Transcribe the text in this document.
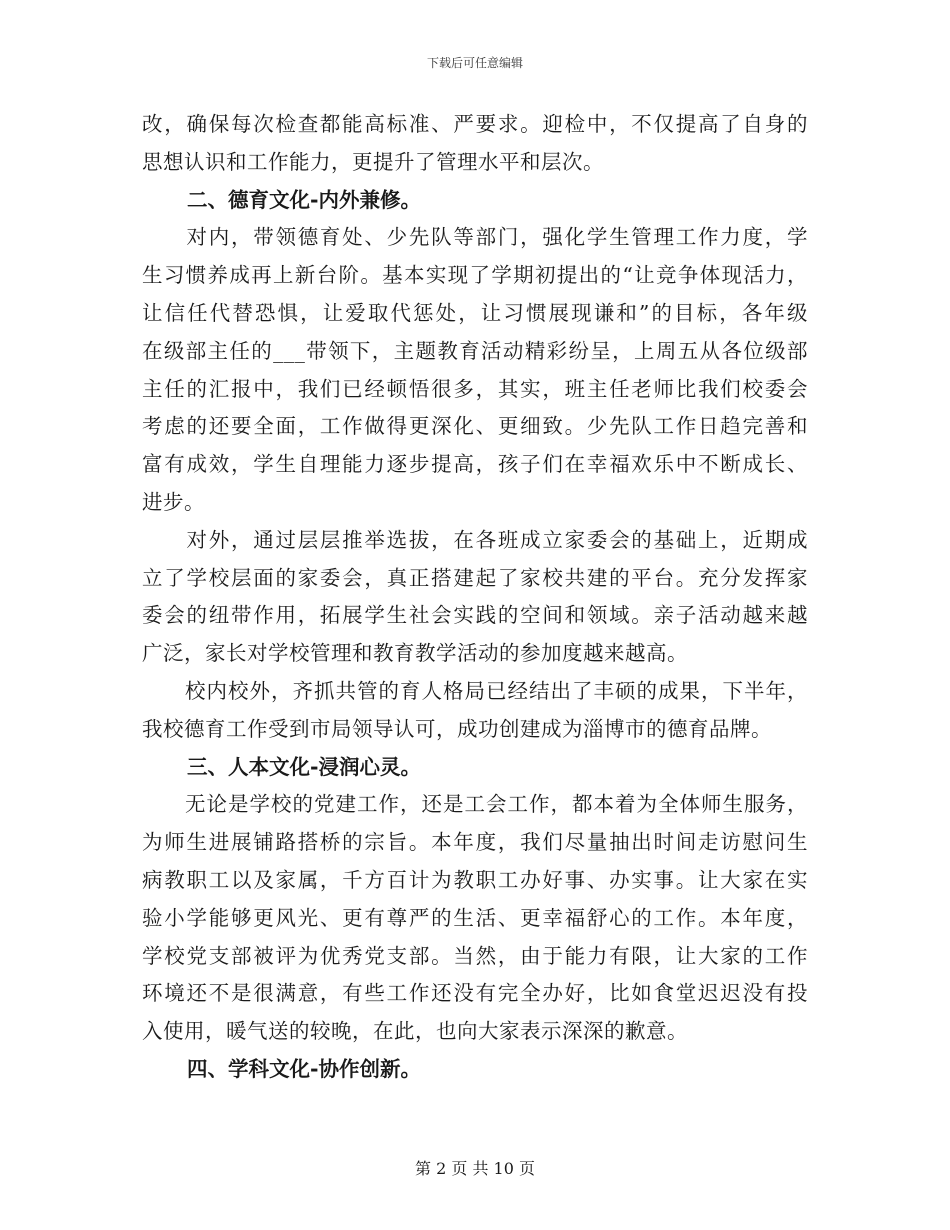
下载后可任意编辑
改，确保每次检查都能高标准、严要求。迎检中，不仅提高了自身的
思想认识和工作能力，更提升了管理水平和层次。
二、德育文化-内外兼修。
　　对内，带领德育处、少先队等部门，强化学生管理工作力度，学
生习惯养成再上新台阶。基本实现了学期初提出的“让竞争体现活力，
让信任代替恐惧，让爱取代惩处，让习惯展现谦和”的目标，各年级
在级部主任的___带领下，主题教育活动精彩纷呈，上周五从各位级部
主任的汇报中，我们已经顿悟很多，其实，班主任老师比我们校委会
考虑的还要全面，工作做得更深化、更细致。少先队工作日趋完善和
富有成效，学生自理能力逐步提高，孩子们在幸福欢乐中不断成长、
进步。
　　对外，通过层层推举选拔，在各班成立家委会的基础上，近期成
立了学校层面的家委会，真正搭建起了家校共建的平台。充分发挥家
委会的纽带作用，拓展学生社会实践的空间和领域。亲子活动越来越
广泛，家长对学校管理和教育教学活动的参加度越来越高。
　　校内校外，齐抓共管的育人格局已经结出了丰硕的成果，下半年，
我校德育工作受到市局领导认可，成功创建成为淄博市的德育品牌。
三、人本文化-浸润心灵。
　　无论是学校的党建工作，还是工会工作，都本着为全体师生服务，
为师生进展铺路搭桥的宗旨。本年度，我们尽量抽出时间走访慰问生
病教职工以及家属，千方百计为教职工办好事、办实事。让大家在实
验小学能够更风光、更有尊严的生活、更幸福舒心的工作。本年度，
学校党支部被评为优秀党支部。当然，由于能力有限，让大家的工作
环境还不是很满意，有些工作还没有完全办好，比如食堂迟迟没有投
入使用，暖气送的较晚，在此，也向大家表示深深的歉意。
四、学科文化-协作创新。
第 2 页 共 10 页
